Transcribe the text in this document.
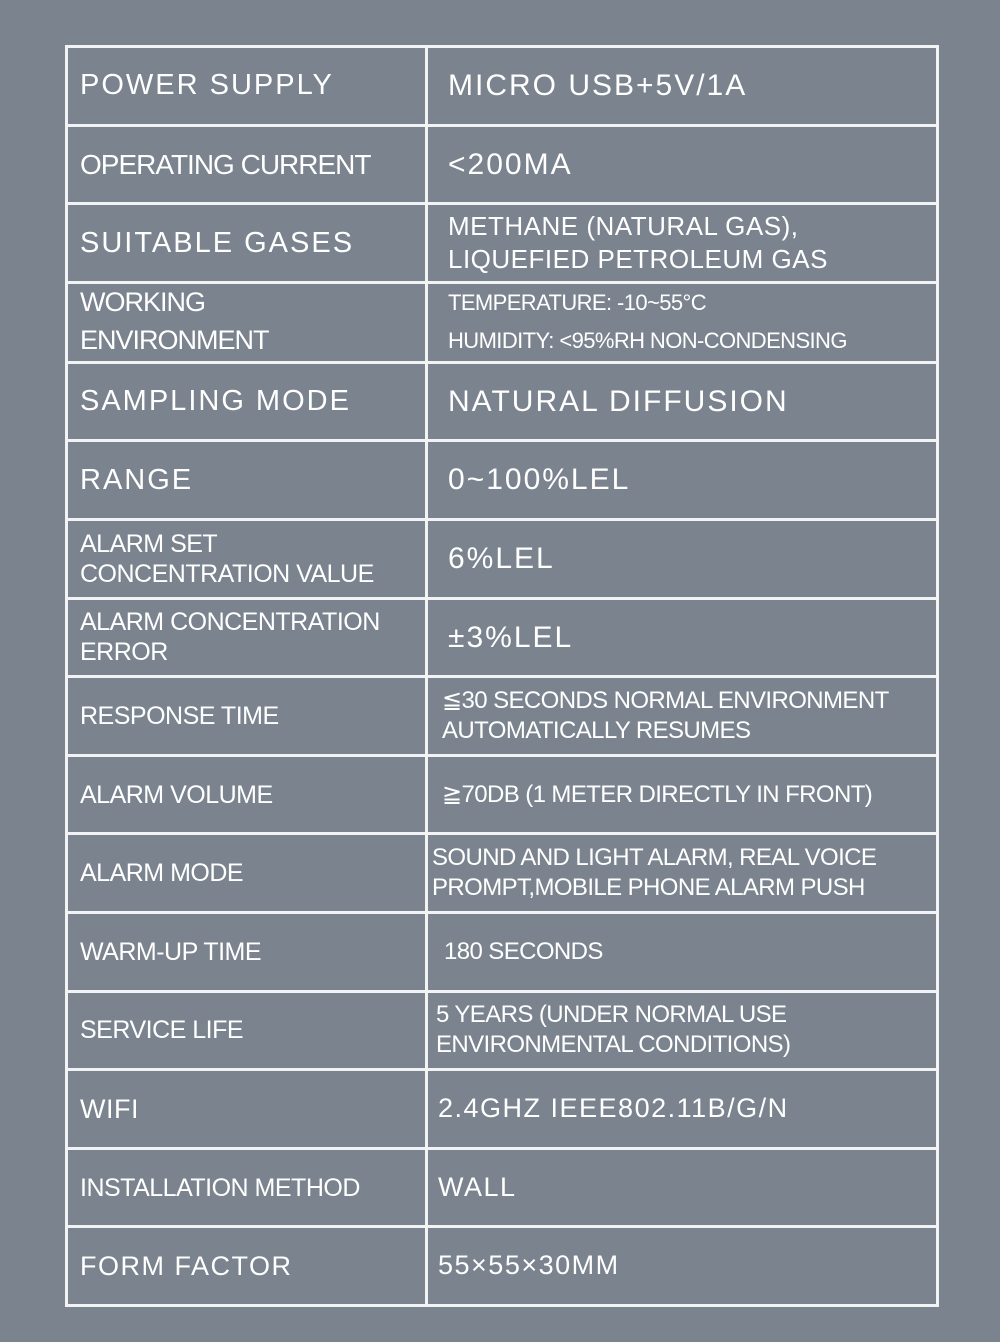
POWER SUPPLY	MICRO USB+5V/1A

OPERATING CURRENT	<200MA

SUITABLE GASES	METHANE (NATURAL GAS),
LIQUEFIED PETROLEUM GAS

WORKING
ENVIRONMENT	TEMPERATURE: -10~55°C
HUMIDITY: <95%RH NON-CONDENSING

SAMPLING MODE	NATURAL DIFFUSION

RANGE	0~100%LEL

ALARM SET
CONCENTRATION VALUE	6%LEL

ALARM CONCENTRATION
ERROR	±3%LEL

RESPONSE TIME	≦30 SECONDS NORMAL ENVIRONMENT
AUTOMATICALLY RESUMES

ALARM VOLUME	≧70DB (1 METER DIRECTLY IN FRONT)

ALARM MODE	SOUND AND LIGHT ALARM, REAL VOICE
PROMPT,MOBILE PHONE ALARM PUSH

WARM-UP TIME	180 SECONDS

SERVICE LIFE	5 YEARS (UNDER NORMAL USE
ENVIRONMENTAL CONDITIONS)

WIFI	2.4GHZ IEEE802.11B/G/N

INSTALLATION METHOD	WALL

FORM FACTOR	55×55×30MM
